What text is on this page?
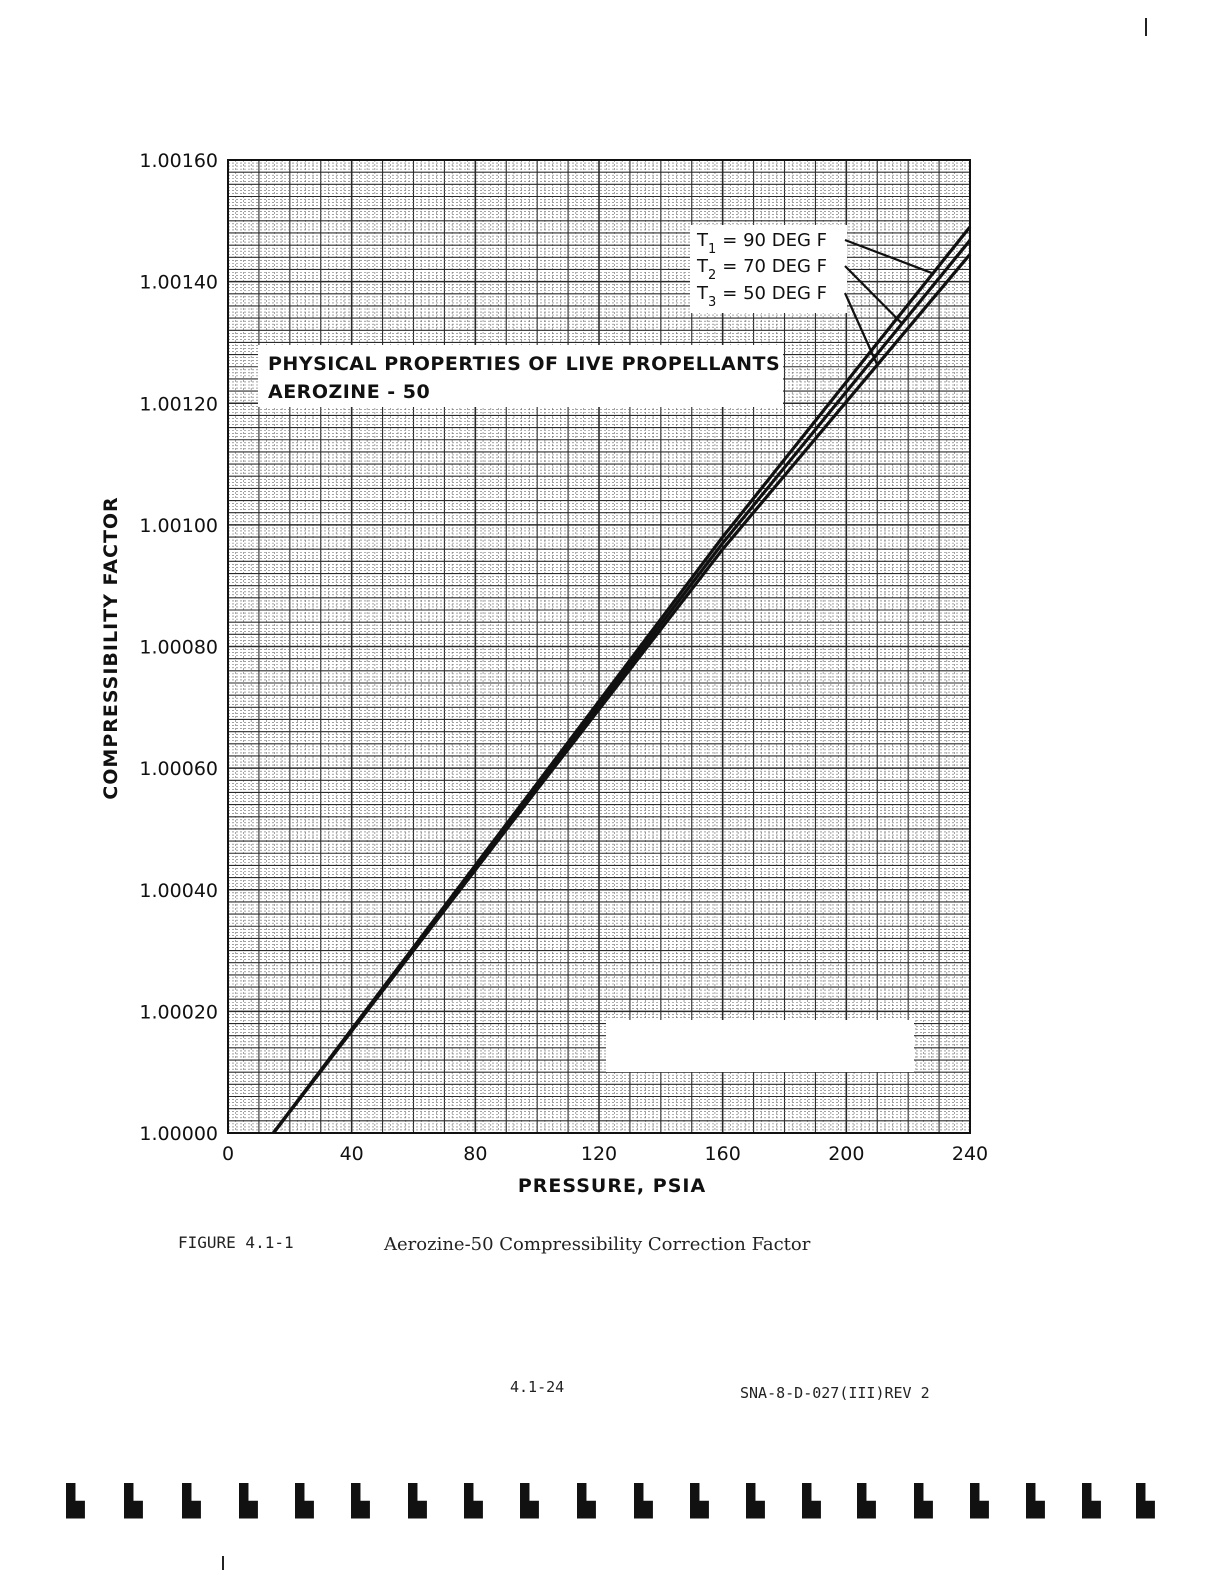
PHYSICAL PROPERTIES OF LIVE PROPELLANTS
AEROZINE - 50
$T_1 = 90$ DEG F
$T_2 = 70$ DEG F
$T_3 = 50$ DEG F
0	40	80	120	160	200	240
1.00000
1.00020
1.00040
1.00060
1.00080
1.00100
1.00120
1.00140
1.00160
PRESSURE, PSIA
COMPRESSIBILITY FACTOR
FIGURE 4.1-1	Aerozine-50 Compressibility Correction Factor
4.1-24	SNA-8-D-027(III)REV 2
▙ ▙ ▙ ▙ ▙ ▙ ▙ ▙ ▙ ▙ ▙ ▙ ▙ ▙ ▙ ▙ ▙ ▙ ▙ ▙
